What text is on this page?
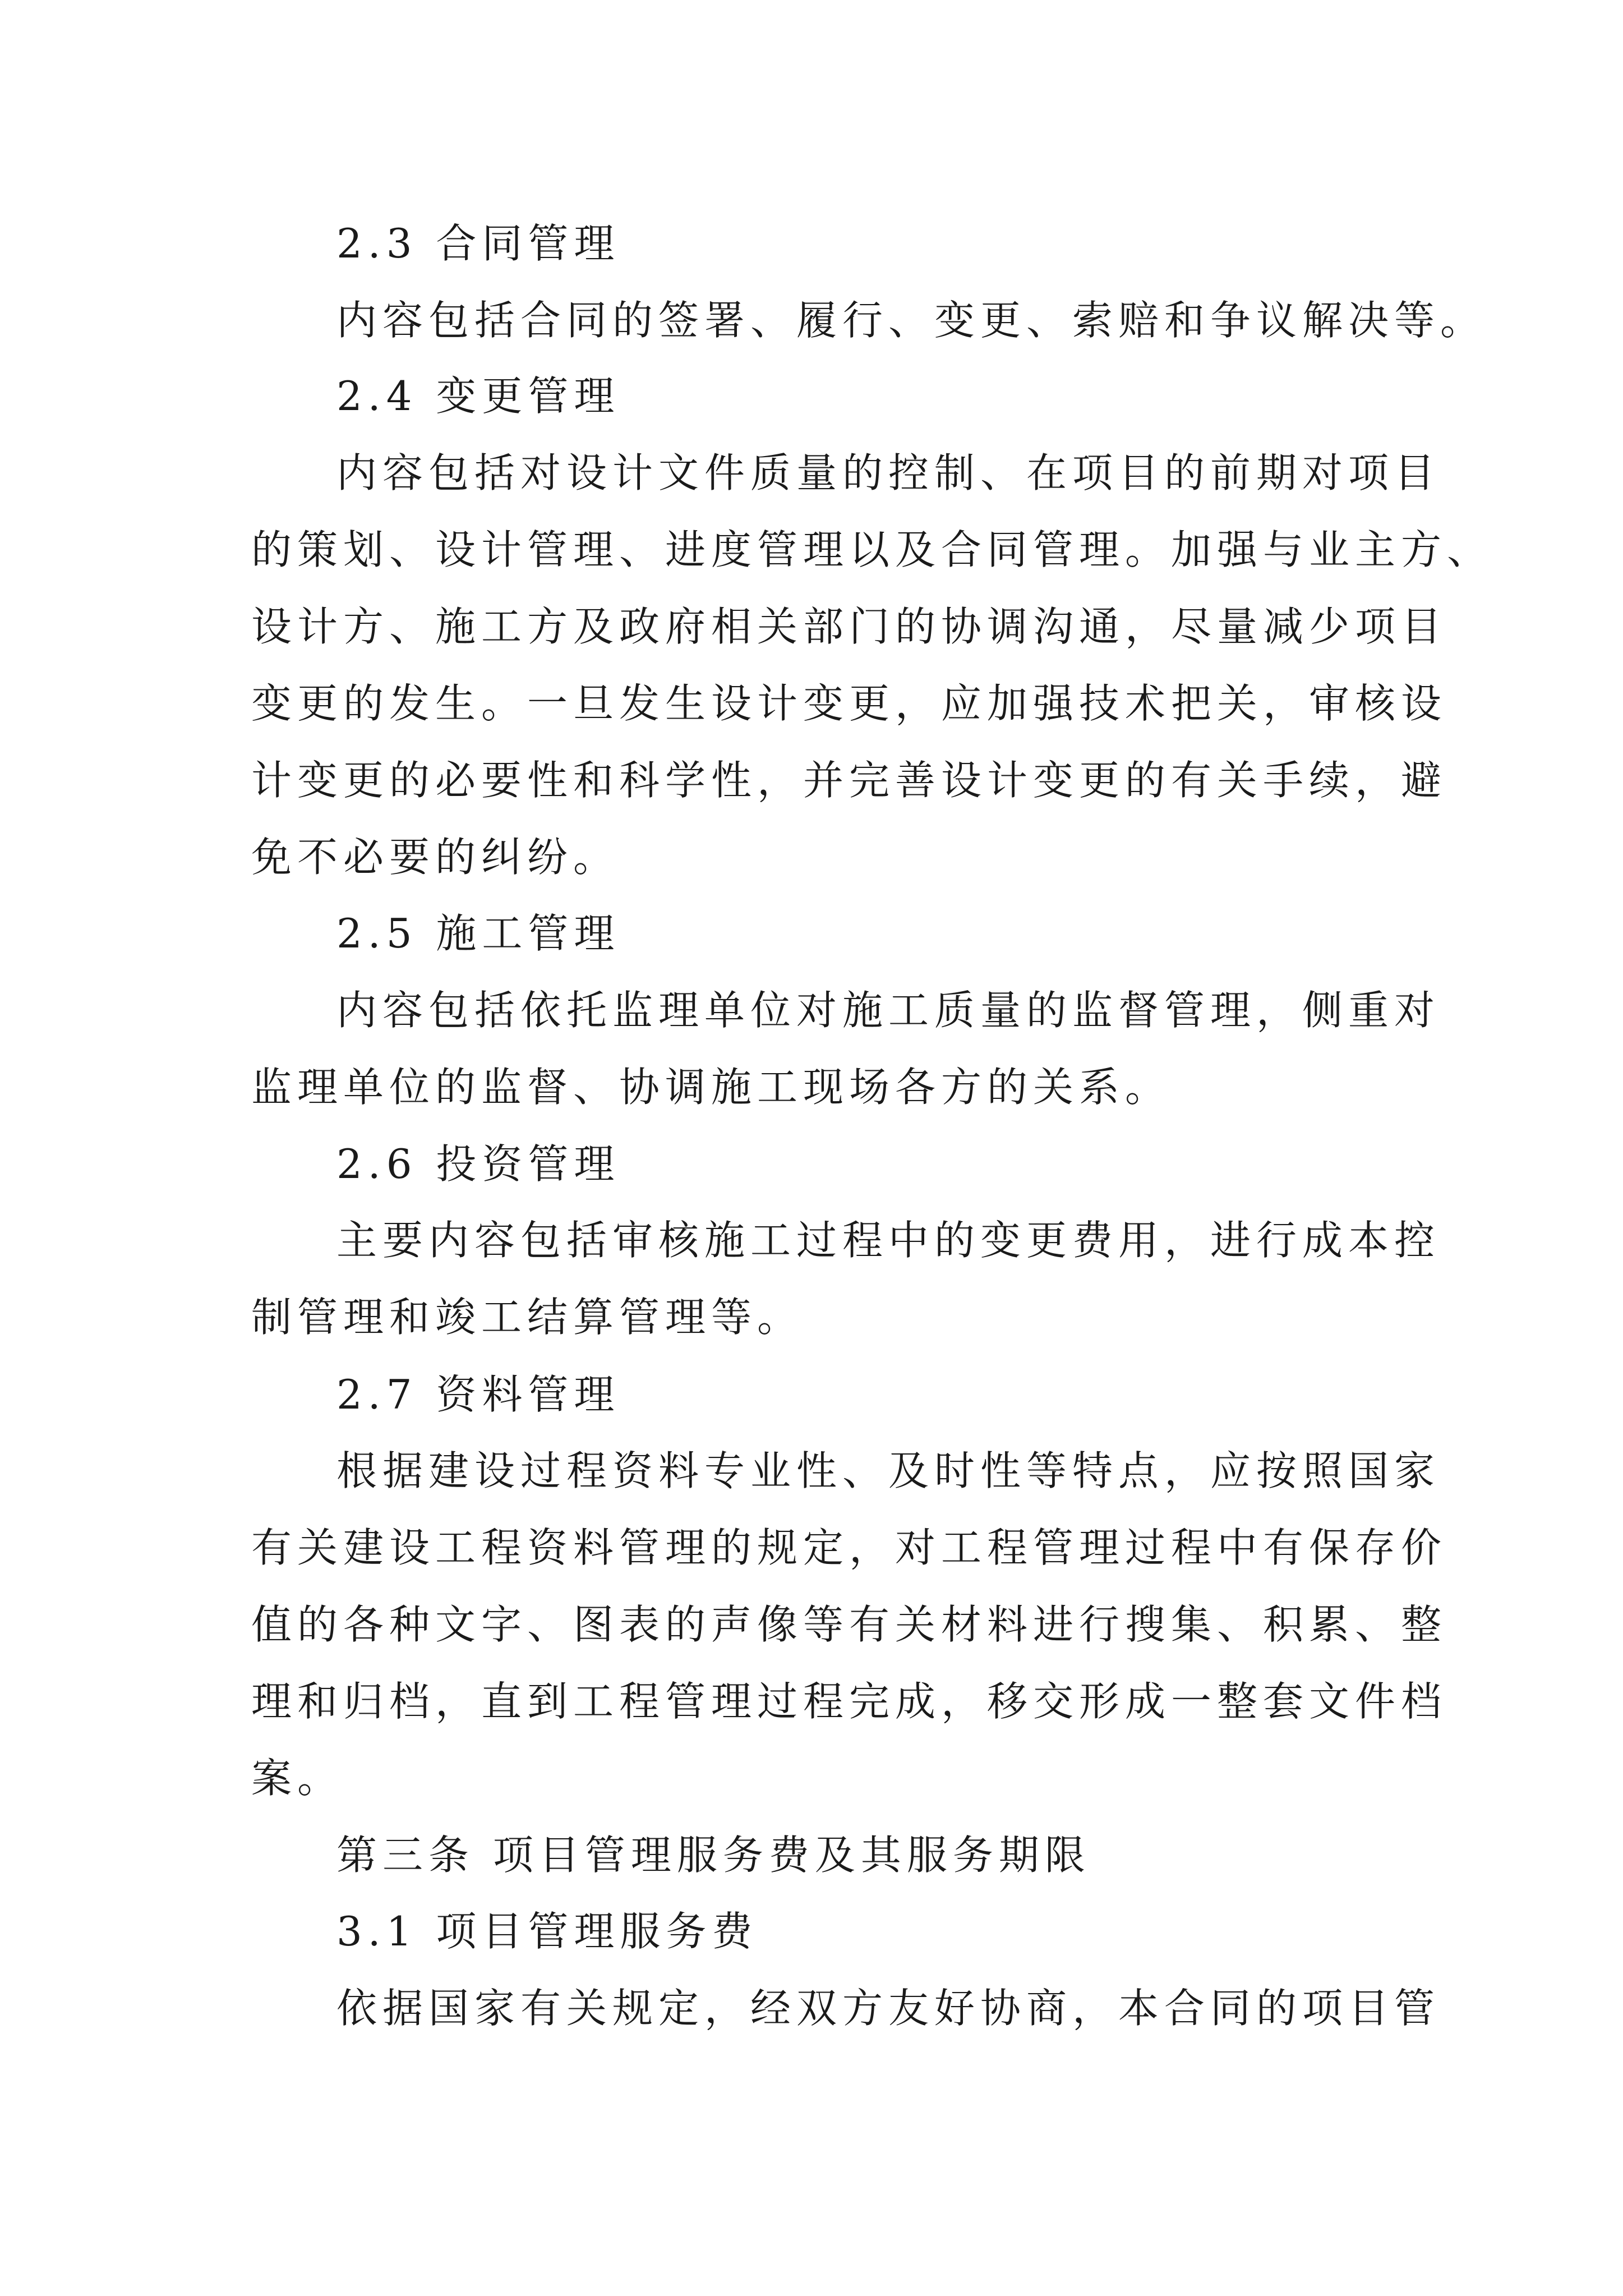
2.3 合同管理
内容包括合同的签署、履行、变更、索赔和争议解决等。
2.4 变更管理
内容包括对设计文件质量的控制、在项目的前期对项目
的策划、设计管理、进度管理以及合同管理。加强与业主方、
设计方、施工方及政府相关部门的协调沟通，尽量减少项目
变更的发生。一旦发生设计变更，应加强技术把关，审核设
计变更的必要性和科学性，并完善设计变更的有关手续，避
免不必要的纠纷。
2.5 施工管理
内容包括依托监理单位对施工质量的监督管理，侧重对
监理单位的监督、协调施工现场各方的关系。
2.6 投资管理
主要内容包括审核施工过程中的变更费用，进行成本控
制管理和竣工结算管理等。
2.7 资料管理
根据建设过程资料专业性、及时性等特点，应按照国家
有关建设工程资料管理的规定，对工程管理过程中有保存价
值的各种文字、图表的声像等有关材料进行搜集、积累、整
理和归档，直到工程管理过程完成，移交形成一整套文件档
案。
第三条 项目管理服务费及其服务期限
3.1 项目管理服务费
依据国家有关规定，经双方友好协商，本合同的项目管
